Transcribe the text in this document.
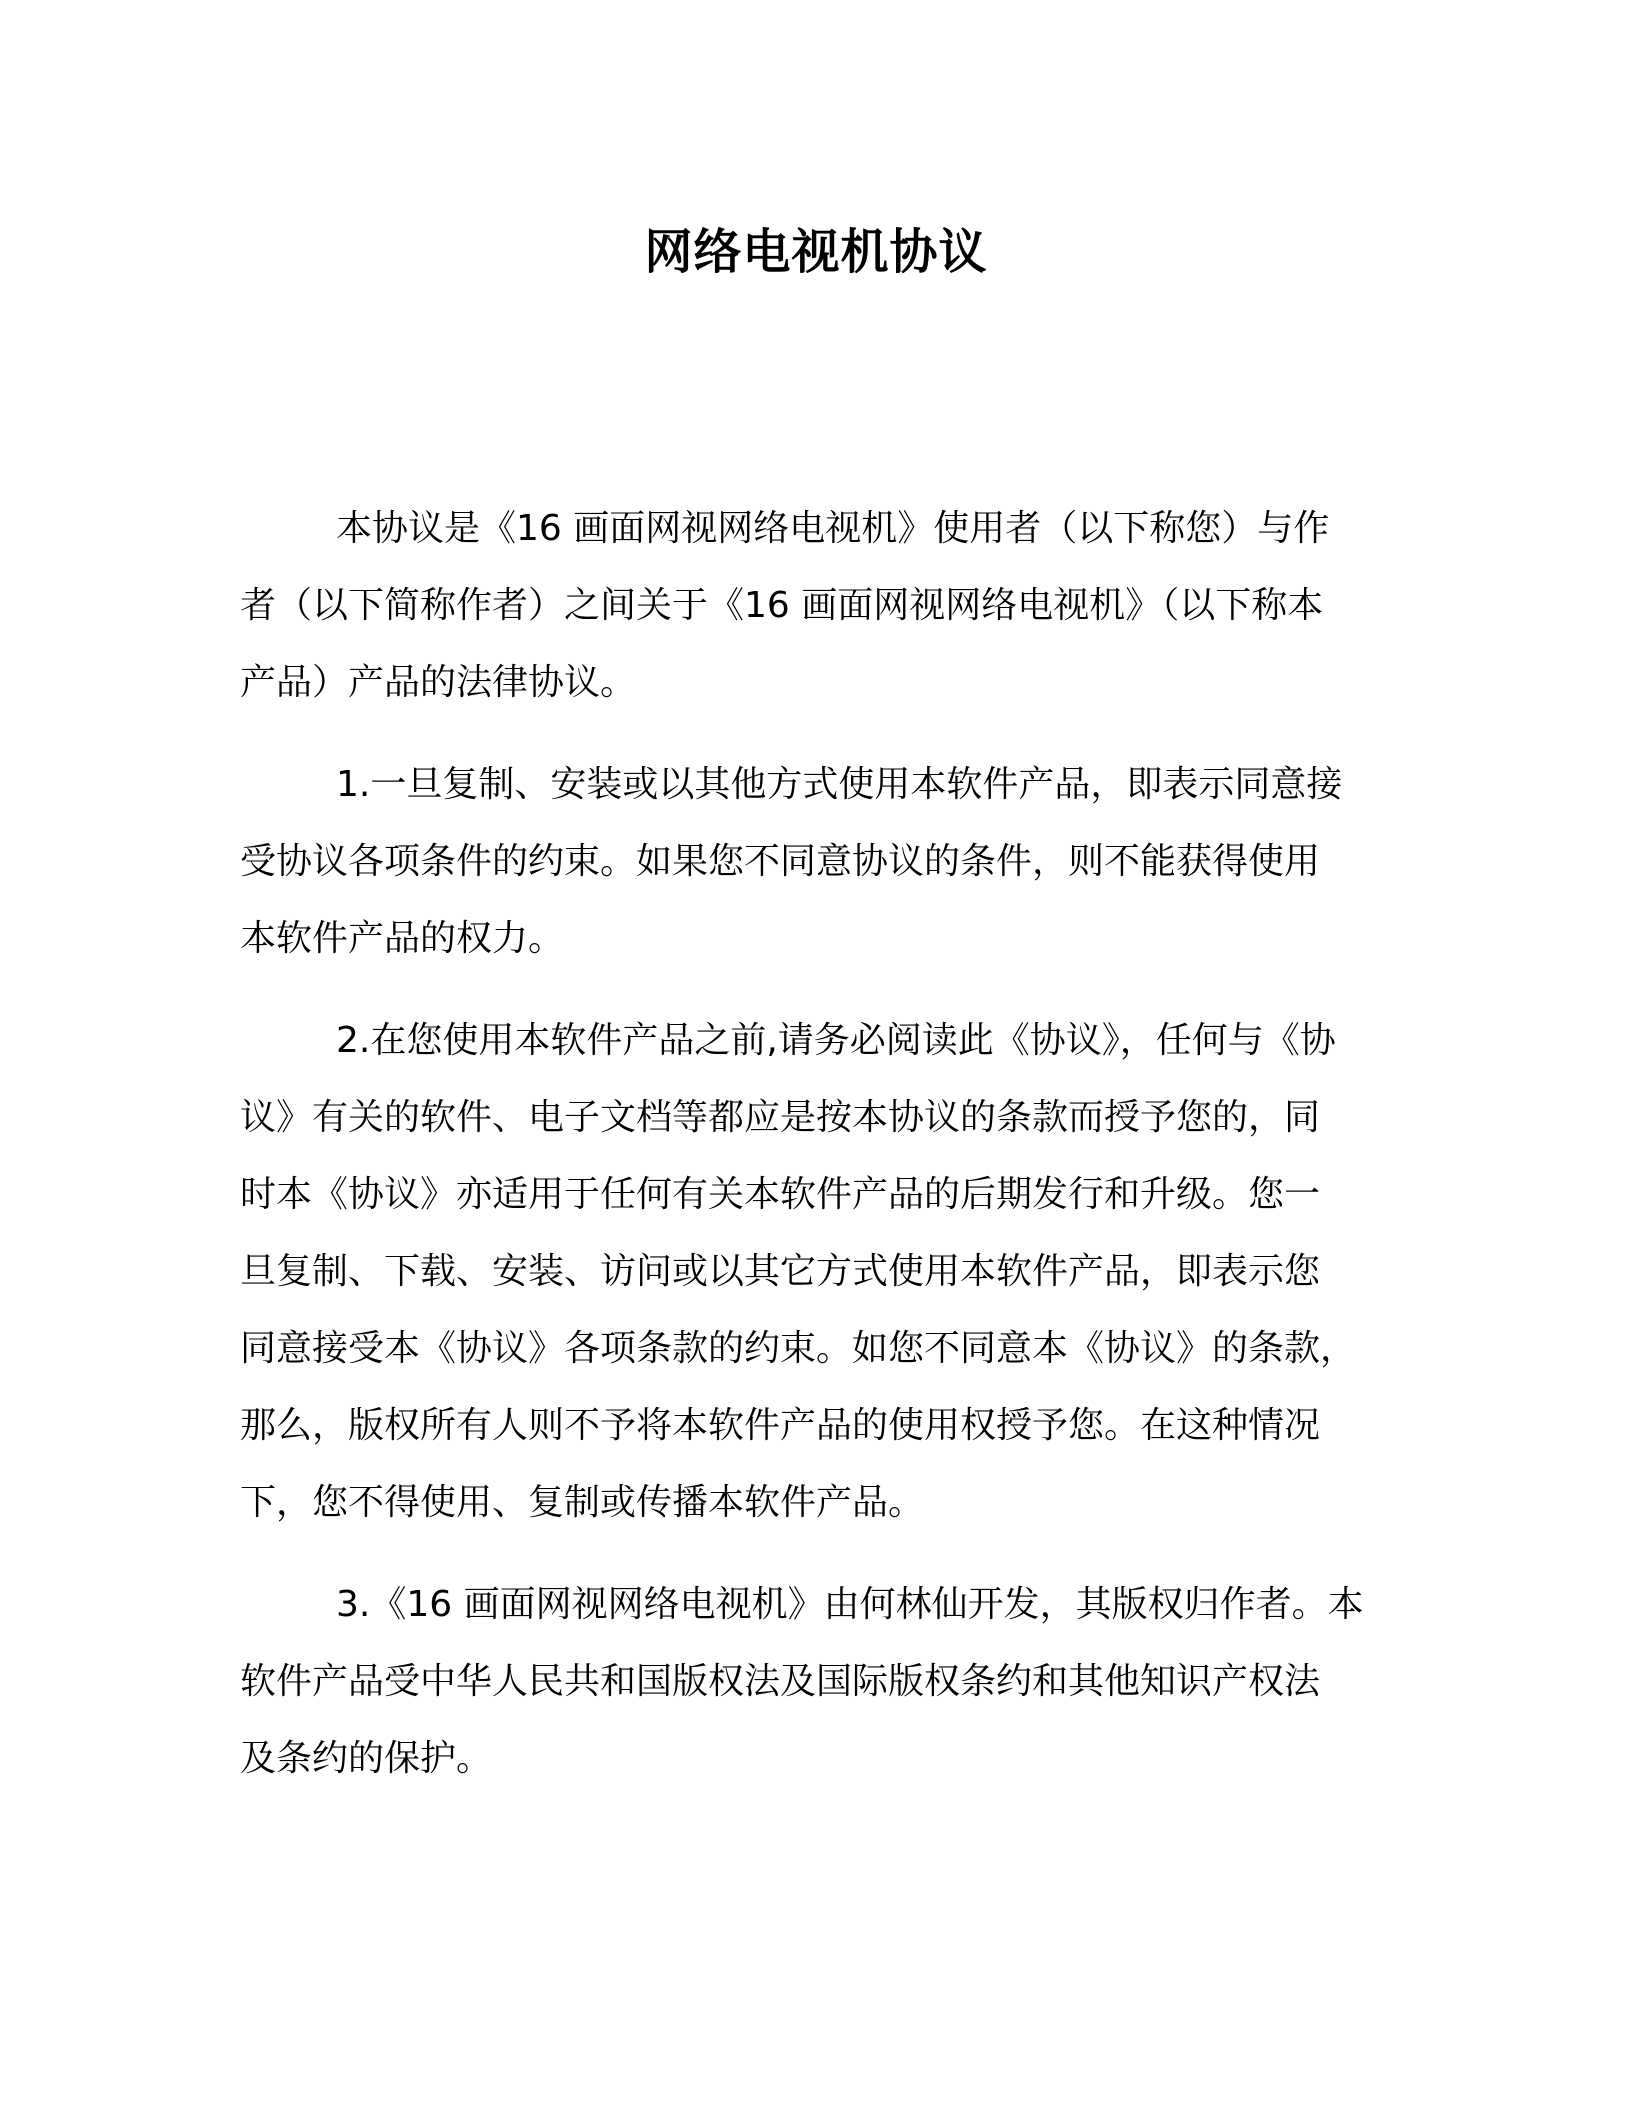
网络电视机协议
本协议是《16 画面网视网络电视机》使用者（以下称您）与作
者（以下简称作者）之间关于《16 画面网视网络电视机》（以下称本
产品）产品的法律协议。
1.一旦复制、安装或以其他方式使用本软件产品，即表示同意接
受协议各项条件的约束。如果您不同意协议的条件，则不能获得使用
本软件产品的权力。
2.在您使用本软件产品之前,请务必阅读此《协议》，任何与《协
议》有关的软件、电子文档等都应是按本协议的条款而授予您的，同
时本《协议》亦适用于任何有关本软件产品的后期发行和升级。您一
旦复制、下载、安装、访问或以其它方式使用本软件产品，即表示您
同意接受本《协议》各项条款的约束。如您不同意本《协议》的条款，
那么，版权所有人则不予将本软件产品的使用权授予您。在这种情况
下，您不得使用、复制或传播本软件产品。
3.《16 画面网视网络电视机》由何林仙开发，其版权归作者。本
软件产品受中华人民共和国版权法及国际版权条约和其他知识产权法
及条约的保护。
